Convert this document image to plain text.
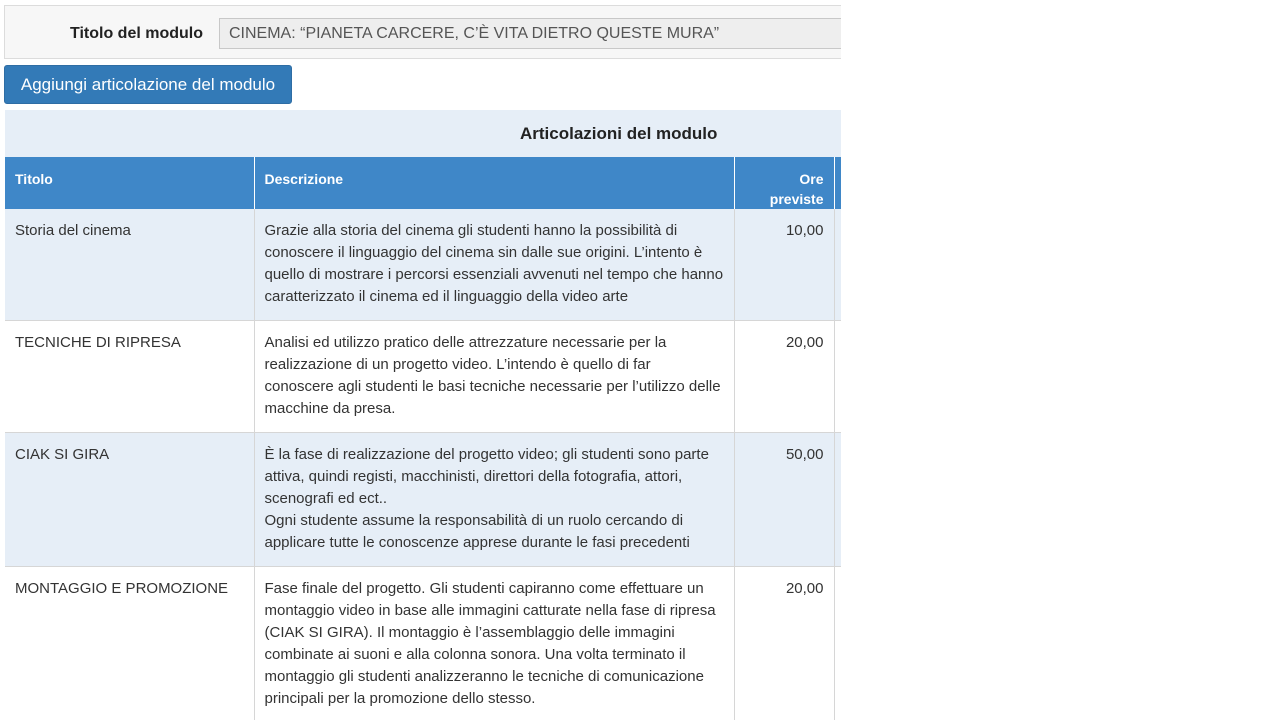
Titolo del modulo	CINEMA: “PIANETA CARCERE, C’È VITA DIETRO QUESTE MURA”
Aggiungi articolazione del modulo
Articolazioni del modulo
Titolo	Descrizione	Ore
previste	

Storia del cinema	Grazie alla storia del cinema gli studenti hanno la possibilità di conoscere il linguaggio del cinema sin dalle sue origini. L’intento è quello di mostrare i percorsi essenziali avvenuti nel tempo che hanno caratterizzato il cinema ed il linguaggio della video arte	10,00	
TECNICHE DI RIPRESA	Analisi ed utilizzo pratico delle attrezzature necessarie per la realizzazione di un progetto video. L’intendo è quello di far conoscere agli studenti le basi tecniche necessarie per l’utilizzo delle macchine da presa.	20,00	
CIAK SI GIRA	È la fase di realizzazione del progetto video; gli studenti sono parte attiva, quindi registi, macchinisti, direttori della fotografia, attori, scenografi ed ect..
Ogni studente assume la responsabilità di un ruolo cercando di applicare tutte le conoscenze apprese durante le fasi precedenti	50,00	
MONTAGGIO E PROMOZIONE	Fase finale del progetto. Gli studenti capiranno come effettuare un montaggio video in base alle immagini catturate nella fase di ripresa (CIAK SI GIRA). Il montaggio è l’assemblaggio delle immagini combinate ai suoni e alla colonna sonora. Una volta terminato il montaggio gli studenti analizzeranno le tecniche di comunicazione principali per la promozione dello stesso.	20,00	
